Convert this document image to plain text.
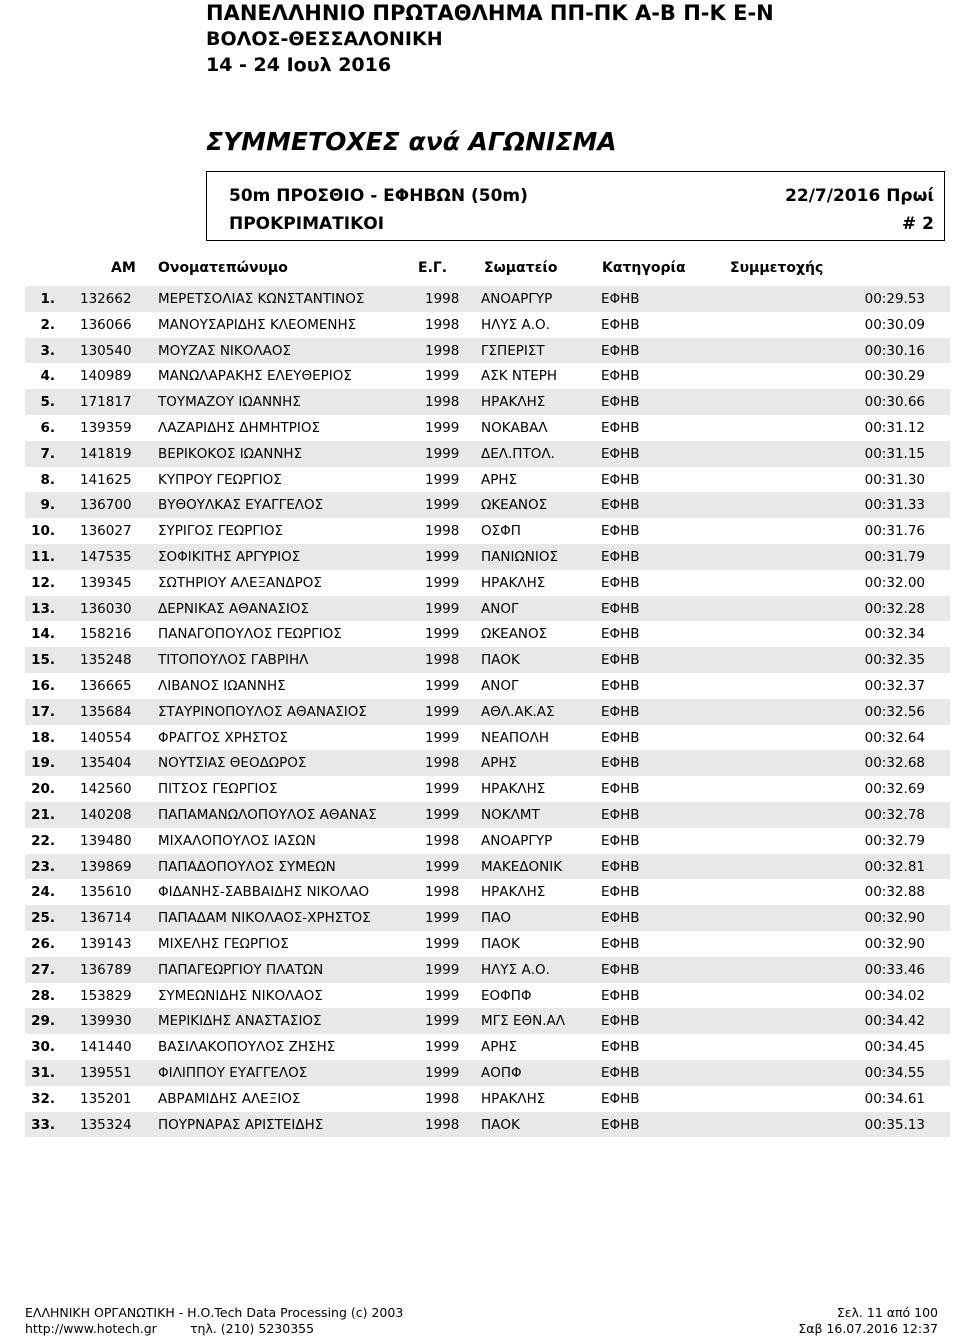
ΠΑΝΕΛΛΗΝΙΟ ΠΡΩΤΑΘΛΗΜΑ ΠΠ-ΠΚ Α-Β Π-Κ Ε-Ν
ΒΟΛΟΣ-ΘΕΣΣΑΛΟΝΙΚΗ
14 - 24 Ιουλ 2016
ΣΥΜΜΕΤΟΧΕΣ ανά ΑΓΩΝΙΣΜΑ
50m ΠΡΟΣΘΙΟ - ΕΦΗΒΩΝ (50m)
ΠΡΟΚΡΙΜΑΤΙΚΟΙ
22/7/2016 Πρωί
# 2
ΑΜ Ονοματεπώνυμο	Ε.Γ.	Σωματείο	Κατηγορία	Συμμετοχής
1. 132662 ΜΕΡΕΤΣΟΛΙΑΣ ΚΩΝΣΤΑΝΤΙΝΟΣ	1998 ΑΝΟΑΡΓΥΡ	ΕΦΗΒ	00:29.53
2. 136066 ΜΑΝΟΥΣΑΡΙΔΗΣ ΚΛΕΟΜΕΝΗΣ	1998 ΗΛΥΣ Α.Ο.	ΕΦΗΒ	00:30.09
3. 130540 ΜΟΥΖΑΣ ΝΙΚΟΛΑΟΣ	1998 ΓΣΠΕΡΙΣΤ	ΕΦΗΒ	00:30.16
4. 140989 ΜΑΝΩΛΑΡΑΚΗΣ ΕΛΕΥΘΕΡΙΟΣ	1999 ΑΣΚ ΝΤΕΡΗ	ΕΦΗΒ	00:30.29
5. 171817 ΤΟΥΜΑΖΟΥ ΙΩΑΝΝΗΣ	1998 ΗΡΑΚΛΗΣ	ΕΦΗΒ	00:30.66
6. 139359 ΛΑΖΑΡΙΔΗΣ ΔΗΜΗΤΡΙΟΣ	1999 ΝΟΚΑΒΑΛ	ΕΦΗΒ	00:31.12
7. 141819 ΒΕΡΙΚΟΚΟΣ ΙΩΑΝΝΗΣ	1999 ΔΕΛ.ΠΤΟΛ.	ΕΦΗΒ	00:31.15
8. 141625 ΚΥΠΡΟΥ ΓΕΩΡΓΙΟΣ	1999 ΑΡΗΣ	ΕΦΗΒ	00:31.30
9. 136700 ΒΥΘΟΥΛΚΑΣ ΕΥΑΓΓΕΛΟΣ	1999 ΩΚΕΑΝΟΣ	ΕΦΗΒ	00:31.33
10. 136027 ΣΥΡΙΓΟΣ ΓΕΩΡΓΙΟΣ	1998 ΟΣΦΠ	ΕΦΗΒ	00:31.76
11. 147535 ΣΟΦΙΚΙΤΗΣ ΑΡΓΥΡΙΟΣ	1999 ΠΑΝΙΩΝΙΟΣ	ΕΦΗΒ	00:31.79
12. 139345 ΣΩΤΗΡΙΟΥ ΑΛΕΞΑΝΔΡΟΣ	1999 ΗΡΑΚΛΗΣ	ΕΦΗΒ	00:32.00
13. 136030 ΔΕΡΝΙΚΑΣ ΑΘΑΝΑΣΙΟΣ	1999 ΑΝΟΓ	ΕΦΗΒ	00:32.28
14. 158216 ΠΑΝΑΓΟΠΟΥΛΟΣ ΓΕΩΡΓΙΟΣ	1999 ΩΚΕΑΝΟΣ	ΕΦΗΒ	00:32.34
15. 135248 ΤΙΤΟΠΟΥΛΟΣ ΓΑΒΡΙΗΛ	1998 ΠΑΟΚ	ΕΦΗΒ	00:32.35
16. 136665 ΛΙΒΑΝΟΣ ΙΩΑΝΝΗΣ	1999 ΑΝΟΓ	ΕΦΗΒ	00:32.37
17. 135684 ΣΤΑΥΡΙΝΟΠΟΥΛΟΣ ΑΘΑΝΑΣΙΟΣ	1999 ΑΘΛ.ΑΚ.ΑΣ	ΕΦΗΒ	00:32.56
18. 140554 ΦΡΑΓΓΟΣ ΧΡΗΣΤΟΣ	1999 ΝΕΑΠΟΛΗ	ΕΦΗΒ	00:32.64
19. 135404 ΝΟΥΤΣΙΑΣ ΘΕΟΔΩΡΟΣ	1998 ΑΡΗΣ	ΕΦΗΒ	00:32.68
20. 142560 ΠΙΤΣΟΣ ΓΕΩΡΓΙΟΣ	1999 ΗΡΑΚΛΗΣ	ΕΦΗΒ	00:32.69
21. 140208 ΠΑΠΑΜΑΝΩΛΟΠΟΥΛΟΣ ΑΘΑΝΑΣ	1999 ΝΟΚΛΜΤ	ΕΦΗΒ	00:32.78
22. 139480 ΜΙΧΑΛΟΠΟΥΛΟΣ ΙΑΣΩΝ	1998 ΑΝΟΑΡΓΥΡ	ΕΦΗΒ	00:32.79
23. 139869 ΠΑΠΑΔΟΠΟΥΛΟΣ ΣΥΜΕΩΝ	1999 ΜΑΚΕΔΟΝΙΚ	ΕΦΗΒ	00:32.81
24. 135610 ΦΙΔΑΝΗΣ-ΣΑΒΒΑΙΔΗΣ ΝΙΚΟΛΑΟ	1998 ΗΡΑΚΛΗΣ	ΕΦΗΒ	00:32.88
25. 136714 ΠΑΠΑΔΑΜ ΝΙΚΟΛΑΟΣ-ΧΡΗΣΤΟΣ	1999 ΠΑΟ	ΕΦΗΒ	00:32.90
26. 139143 ΜΙΧΕΛΗΣ ΓΕΩΡΓΙΟΣ	1999 ΠΑΟΚ	ΕΦΗΒ	00:32.90
27. 136789 ΠΑΠΑΓΕΩΡΓΙΟΥ ΠΛΑΤΩΝ	1999 ΗΛΥΣ Α.Ο.	ΕΦΗΒ	00:33.46
28. 153829 ΣΥΜΕΩΝΙΔΗΣ ΝΙΚΟΛΑΟΣ	1999 ΕΟΦΠΦ	ΕΦΗΒ	00:34.02
29. 139930 ΜΕΡΙΚΙΔΗΣ ΑΝΑΣΤΑΣΙΟΣ	1999 ΜΓΣ ΕΘΝ.ΑΛ	ΕΦΗΒ	00:34.42
30. 141440 ΒΑΣΙΛΑΚΟΠΟΥΛΟΣ ΖΗΣΗΣ	1999 ΑΡΗΣ	ΕΦΗΒ	00:34.45
31. 139551 ΦΙΛΙΠΠΟΥ ΕΥΑΓΓΕΛΟΣ	1999 ΑΟΠΦ	ΕΦΗΒ	00:34.55
32. 135201 ΑΒΡΑΜΙΔΗΣ ΑΛΕΞΙΟΣ	1998 ΗΡΑΚΛΗΣ	ΕΦΗΒ	00:34.61
33. 135324 ΠΟΥΡΝΑΡΑΣ ΑΡΙΣΤΕΙΔΗΣ	1998 ΠΑΟΚ	ΕΦΗΒ	00:35.13
ΕΛΛΗΝΙΚΗ ΟΡΓΑΝΩΤΙΚΗ - Η.Ο.Tech Data Processing (c) 2003
http://www.hotech.gr	τηλ. (210) 5230355
Σελ. 11 από 100
Σαβ 16.07.2016 12:37
